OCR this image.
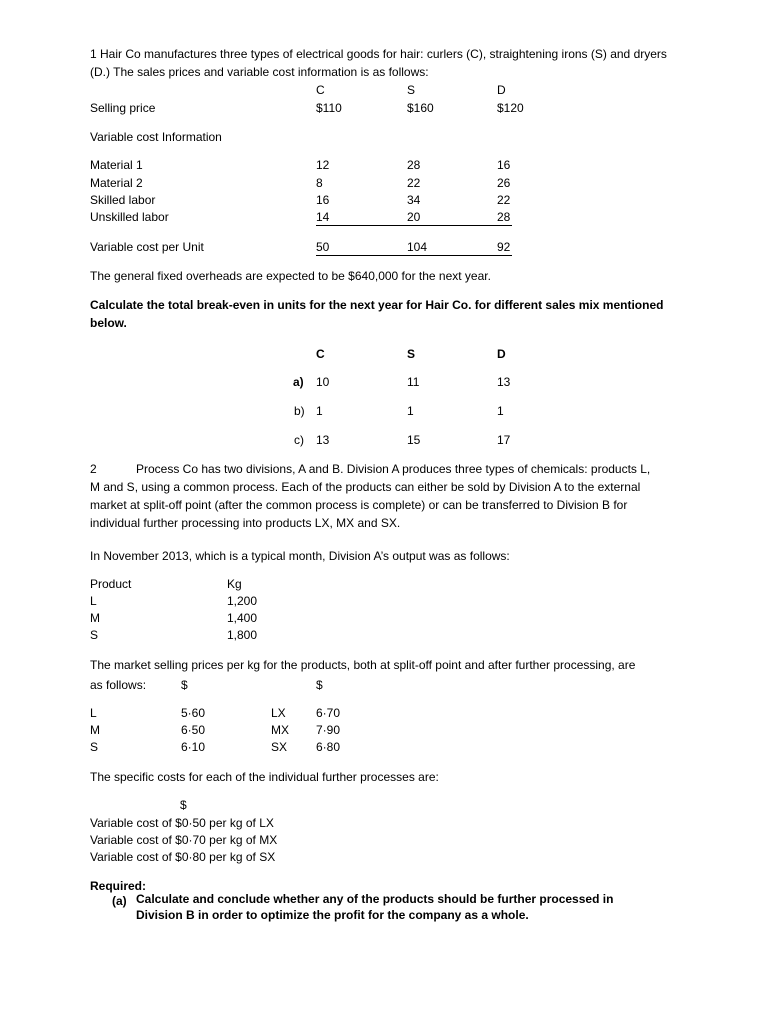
1 Hair Co manufactures three types of electrical goods for hair: curlers (C), straightening irons (S) and dryers (D.) The sales prices and variable cost information is as follows:
C	S	D
Selling price	$110	$160	$120
Variable cost Information
Material 1	12	28	16
Material 2	8	22	26
Skilled labor	16	34	22
Unskilled labor	14	20	28
Variable cost per Unit	50	104	92
The general fixed overheads are expected to be $640,000 for the next year.
Calculate the total break-even in units for the next year for Hair Co. for different sales mix mentioned below.
C	S	D
a) 10	11	13
b) 1	1	1
c) 13	15	17
2	Process Co has two divisions, A and B. Division A produces three types of chemicals: products L,
M and S, using a common process. Each of the products can either be sold by Division A to the external market at split-off point (after the common process is complete) or can be transferred to Division B for individual further processing into products LX, MX and SX.
In November 2013, which is a typical month, Division A’s output was as follows:
Product	Kg
L	1,200
M	1,400
S	1,800
The market selling prices per kg for the products, both at split-off point and after further processing, are
as follows:	$	$
L	5·60	LX	6·70
M	6·50	MX 7·90
S	6·10	SX 6·80
The specific costs for each of the individual further processes are:
$
Variable cost of $0·50 per kg of LX
Variable cost of $0·70 per kg of MX
Variable cost of $0·80 per kg of SX
Required:
(a) Calculate and conclude whether any of the products should be further processed in Division B in order to optimize the profit for the company as a whole.
